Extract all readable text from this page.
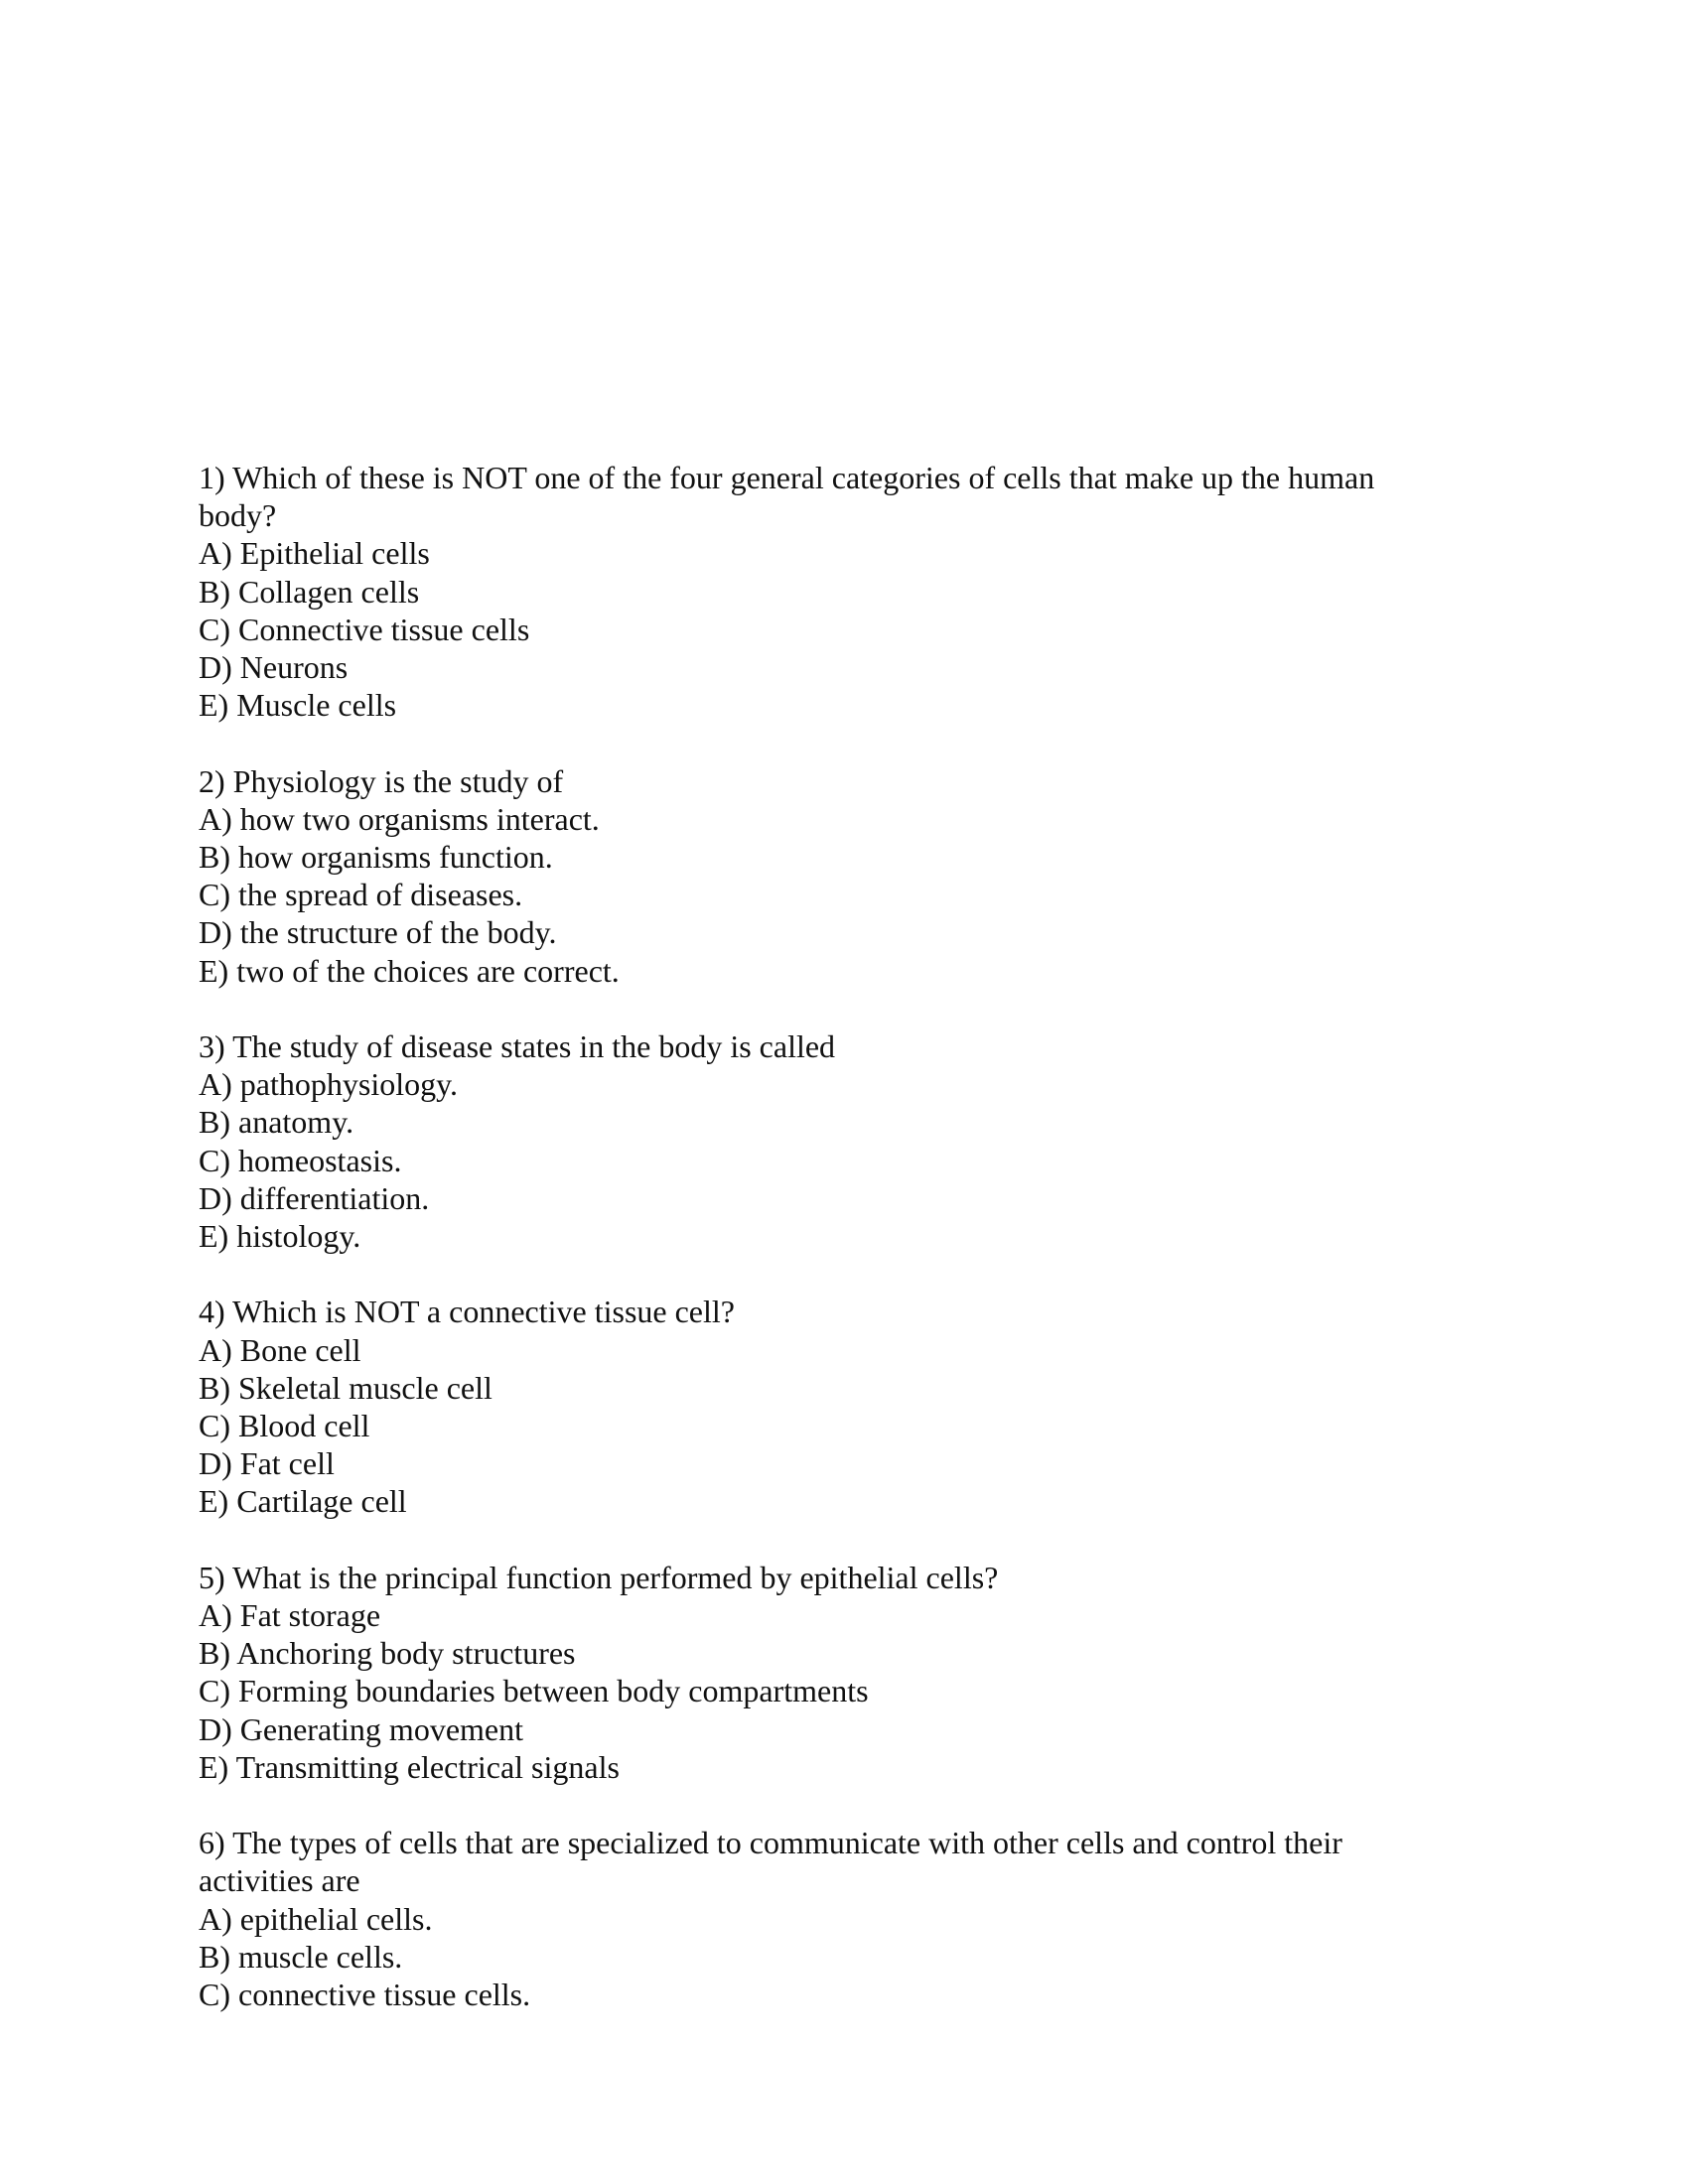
1) Which of these is NOT one of the four general categories of cells that make up the human body?
A) Epithelial cells
B) Collagen cells
C) Connective tissue cells
D) Neurons
E) Muscle cells
2) Physiology is the study of
A) how two organisms interact.
B) how organisms function.
C) the spread of diseases.
D) the structure of the body.
E) two of the choices are correct.
3) The study of disease states in the body is called
A) pathophysiology.
B) anatomy.
C) homeostasis.
D) differentiation.
E) histology.
4) Which is NOT a connective tissue cell?
A) Bone cell
B) Skeletal muscle cell
C) Blood cell
D) Fat cell
E) Cartilage cell
5) What is the principal function performed by epithelial cells?
A) Fat storage
B) Anchoring body structures
C) Forming boundaries between body compartments
D) Generating movement
E) Transmitting electrical signals
6) The types of cells that are specialized to communicate with other cells and control their activities are
A) epithelial cells.
B) muscle cells.
C) connective tissue cells.
